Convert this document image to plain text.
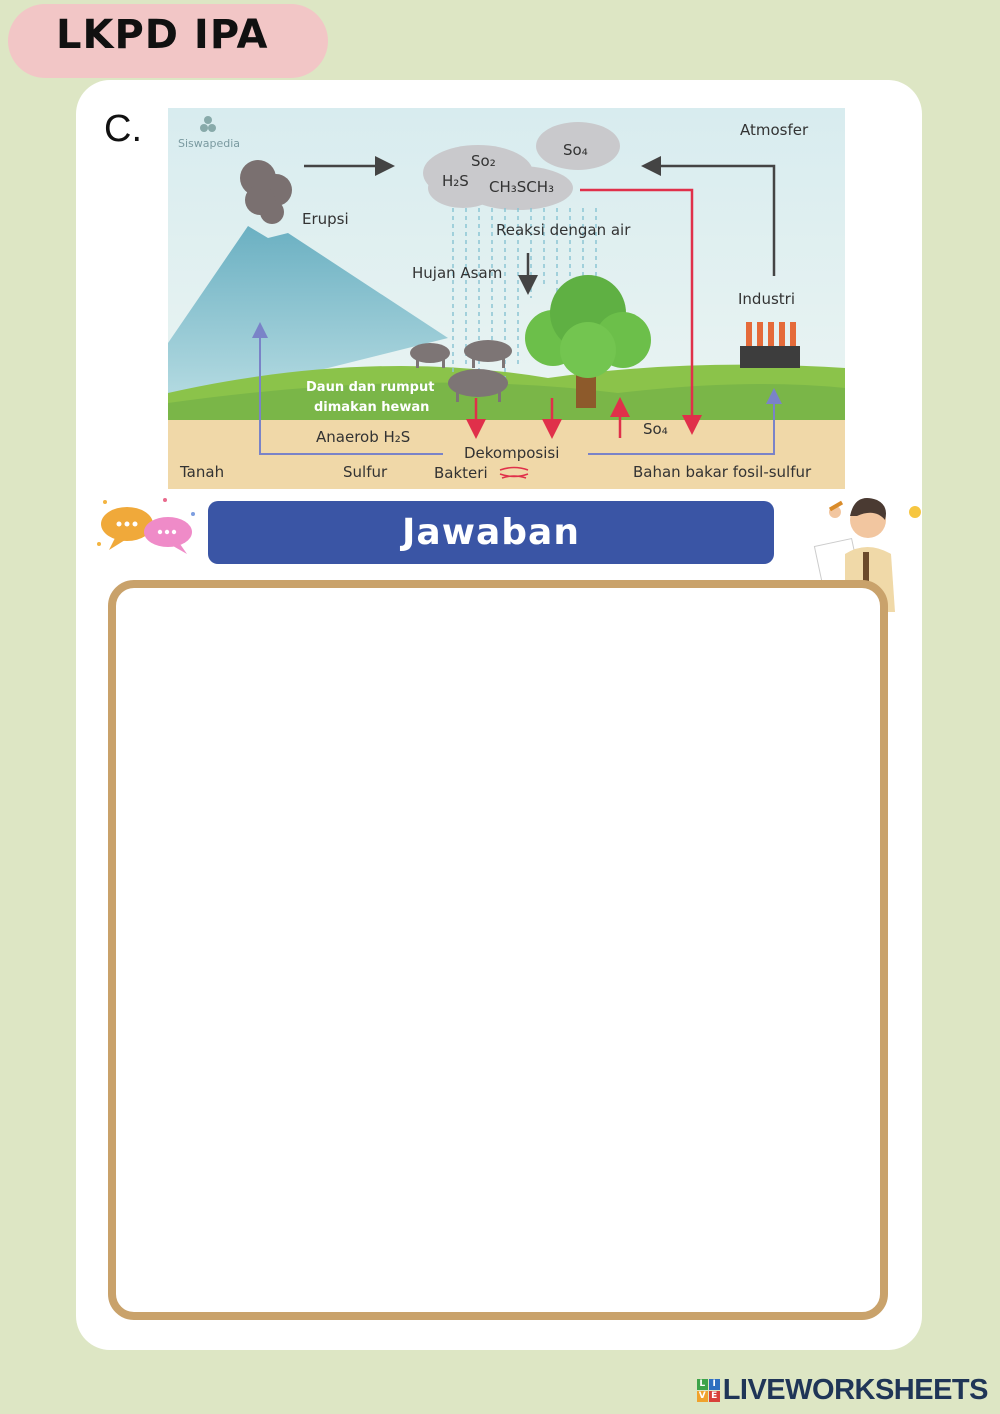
LKPD IPA
C.	Siswapedia
Atmosfer
So₂
So₄
H₂S CH₃SCH₃
Erupsi
Reaksi dengan air
Hujan Asam
Industri
Daun dan rumput
dimakan hewan
Anaerob H₂S	So₄
Dekomposisi
Tanah	Sulfur	Bakteri	Bahan bakar fosil-sulfur
Jawaban
L I
V E LIVEWORKSHEETS
